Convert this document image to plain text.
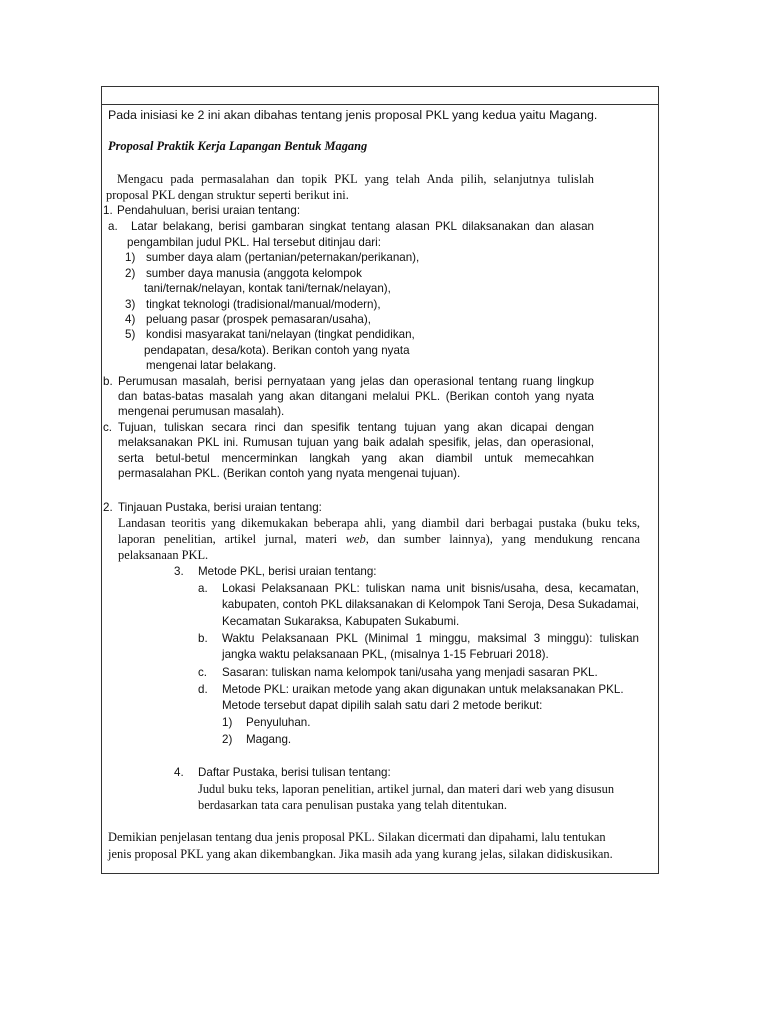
Pada inisiasi ke 2 ini akan dibahas tentang jenis proposal PKL yang kedua yaitu Magang.
Proposal Praktik Kerja Lapangan Bentuk Magang
Mengacu pada permasalahan dan topik PKL yang telah Anda pilih, selanjutnya tulislah
proposal PKL dengan struktur seperti berikut ini.
1. Pendahuluan, berisi uraian tentang:
a. Latar belakang, berisi gambaran singkat tentang alasan PKL dilaksanakan dan alasan
pengambilan judul PKL. Hal tersebut ditinjau dari:
1) sumber daya alam (pertanian/peternakan/perikanan),
2) sumber daya manusia (anggota kelompok
tani/ternak/nelayan, kontak tani/ternak/nelayan),
3) tingkat teknologi (tradisional/manual/modern),
4) peluang pasar (prospek pemasaran/usaha),
5) kondisi masyarakat tani/nelayan (tingkat pendidikan,
pendapatan, desa/kota). Berikan contoh yang nyata
mengenai latar belakang.
b. Perumusan masalah, berisi pernyataan yang jelas dan operasional tentang ruang lingkup
dan batas-batas masalah yang akan ditangani melalui PKL. (Berikan contoh yang nyata
mengenai perumusan masalah).
c. Tujuan, tuliskan secara rinci dan spesifik tentang tujuan yang akan dicapai dengan
melaksanakan PKL ini. Rumusan tujuan yang baik adalah spesifik, jelas, dan operasional,
serta betul-betul mencerminkan langkah yang akan diambil untuk memecahkan
permasalahan PKL. (Berikan contoh yang nyata mengenai tujuan).
2. Tinjauan Pustaka, berisi uraian tentang:
Landasan teoritis yang dikemukakan beberapa ahli, yang diambil dari berbagai pustaka (buku teks,
laporan penelitian, artikel jurnal, materi web, dan sumber lainnya), yang mendukung rencana
pelaksanaan PKL.
3. Metode PKL, berisi uraian tentang:
a. Lokasi Pelaksanaan PKL: tuliskan nama unit bisnis/usaha, desa, kecamatan,
kabupaten, contoh PKL dilaksanakan di Kelompok Tani Seroja, Desa Sukadamai,
Kecamatan Sukaraksa, Kabupaten Sukabumi.
b. Waktu Pelaksanaan PKL (Minimal 1 minggu, maksimal 3 minggu): tuliskan
jangka waktu pelaksanaan PKL, (misalnya 1-15 Februari 2018).
c. Sasaran: tuliskan nama kelompok tani/usaha yang menjadi sasaran PKL.
d. Metode PKL: uraikan metode yang akan digunakan untuk melaksanakan PKL.
Metode tersebut dapat dipilih salah satu dari 2 metode berikut:
1) Penyuluhan.
2) Magang.
4. Daftar Pustaka, berisi tulisan tentang:
Judul buku teks, laporan penelitian, artikel jurnal, dan materi dari web yang disusun
berdasarkan tata cara penulisan pustaka yang telah ditentukan.
Demikian penjelasan tentang dua jenis proposal PKL. Silakan dicermati dan dipahami, lalu tentukan
jenis proposal PKL yang akan dikembangkan. Jika masih ada yang kurang jelas, silakan didiskusikan.
